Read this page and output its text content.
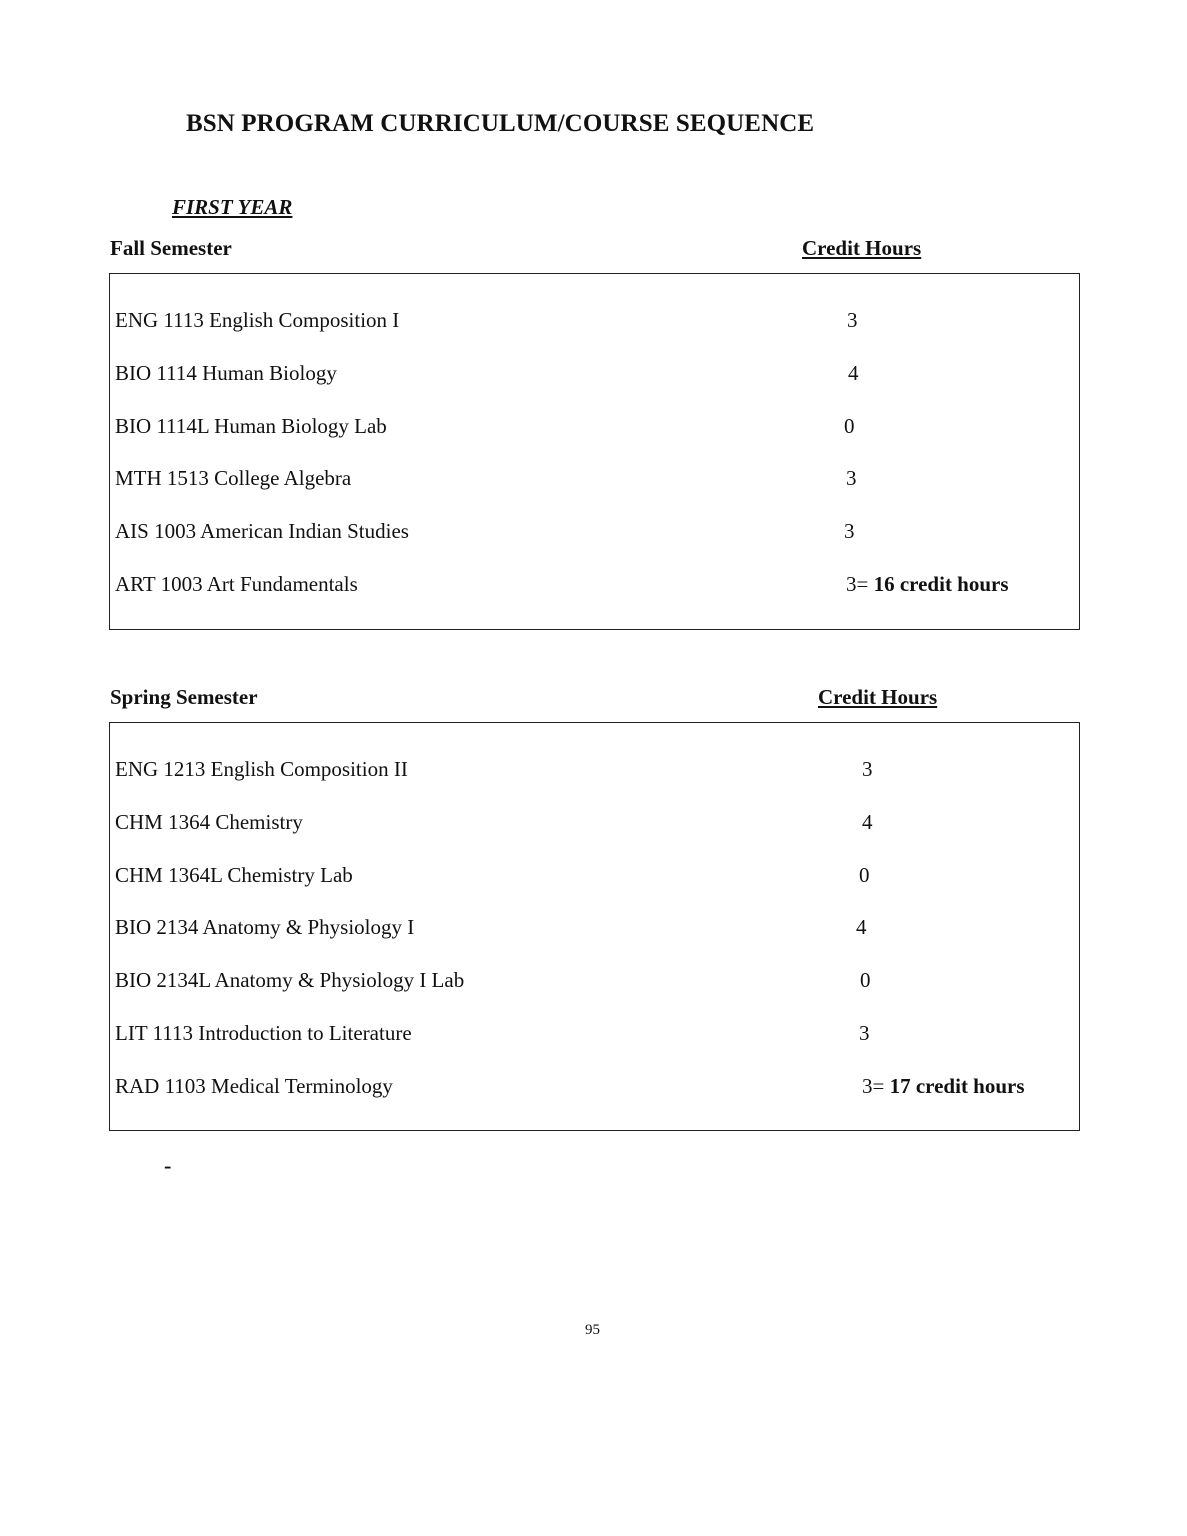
BSN PROGRAM CURRICULUM/COURSE SEQUENCE
FIRST YEAR
Fall Semester	Credit Hours
ENG 1113 English Composition I	3
BIO 1114 Human Biology	4
BIO 1114L Human Biology Lab	0
MTH 1513 College Algebra	3
AIS 1003 American Indian Studies	3
ART 1003 Art Fundamentals	3= 16 credit hours
Spring Semester	Credit Hours
ENG 1213 English Composition II	3
CHM 1364 Chemistry	4
CHM 1364L Chemistry Lab	0
BIO 2134 Anatomy & Physiology I	4
BIO 2134L Anatomy & Physiology I Lab	0
LIT 1113 Introduction to Literature	3
RAD 1103 Medical Terminology	3= 17 credit hours
-
95
